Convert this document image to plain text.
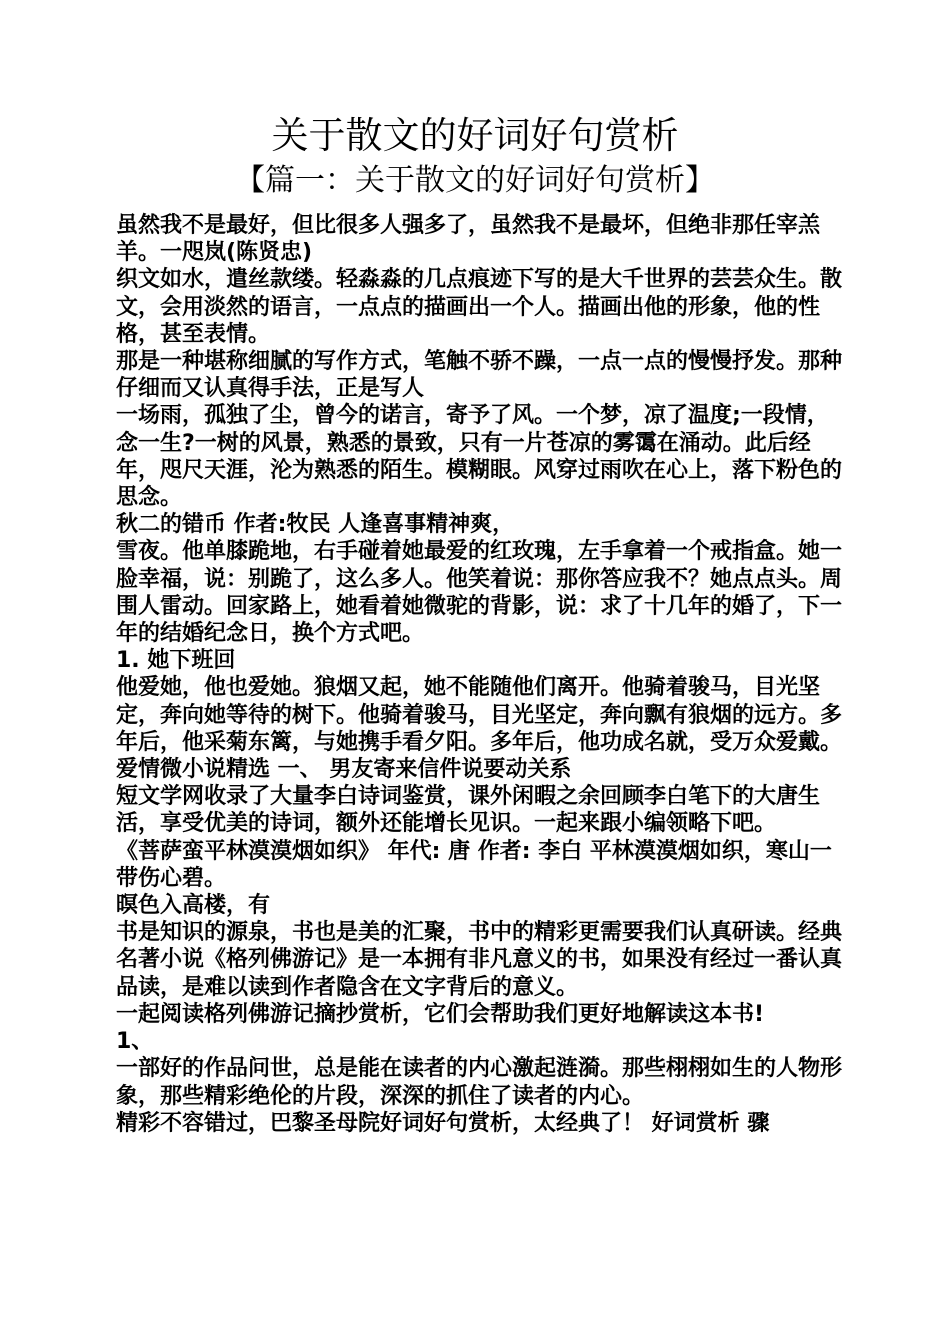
关于散文的好词好句赏析
【篇一：关于散文的好词好句赏析】

虽然我不是最好，但比很多人强多了，虽然我不是最坏，但绝非那任宰羔羊。一咫岚(陈贤忠)

织文如水，遣丝款缕。轻淼淼的几点痕迹下写的是大千世界的芸芸众生。散文，会用淡然的语言，一点点的描画出一个人。描画出他的形象，他的性格，甚至表情。

那是一种堪称细腻的写作方式，笔触不骄不躁，一点一点的慢慢抒发。那种仔细而又认真得手法，正是写人

一场雨，孤独了尘，曾今的诺言，寄予了风。一个梦，凉了温度;一段情，念一生?一树的风景，熟悉的景致，只有一片苍凉的雾霭在涌动。此后经年，咫尺天涯，沦为熟悉的陌生。模糊眼。风穿过雨吹在心上，落下粉色的思念。

秋二的错币 作者:牧民 人逢喜事精神爽，

雪夜。他单膝跪地，右手碰着她最爱的红玫瑰，左手拿着一个戒指盒。她一脸幸福，说：别跪了，这么多人。他笑着说：那你答应我不？她点点头。周围人雷动。回家路上，她看着她微驼的背影，说：求了十几年的婚了，下一年的结婚纪念日，换个方式吧。

1. 她下班回

他爱她，他也爱她。狼烟又起，她不能随他们离开。他骑着骏马，目光坚定，奔向她等待的树下。他骑着骏马，目光坚定，奔向飘有狼烟的远方。多年后，他采菊东篱，与她携手看夕阳。多年后，他功成名就，受万众爱戴。

爱情微小说精选 一、 男友寄来信件说要动关系

短文学网收录了大量李白诗词鉴赏，课外闲暇之余回顾李白笔下的大唐生活，享受优美的诗词，额外还能增长见识。一起来跟小编领略下吧。

《菩萨蛮平林漠漠烟如织》 年代: 唐 作者: 李白 平林漠漠烟如织，寒山一带伤心碧。

暝色入高楼，有

书是知识的源泉，书也是美的汇聚，书中的精彩更需要我们认真研读。经典名著小说《格列佛游记》是一本拥有非凡意义的书，如果没有经过一番认真品读，是难以读到作者隐含在文字背后的意义。

一起阅读格列佛游记摘抄赏析，它们会帮助我们更好地解读这本书!

1、

一部好的作品问世，总是能在读者的内心激起涟漪。那些栩栩如生的人物形象，那些精彩绝伦的片段，深深的抓住了读者的内心。

精彩不容错过，巴黎圣母院好词好句赏析，太经典了！ 好词赏析 骤
